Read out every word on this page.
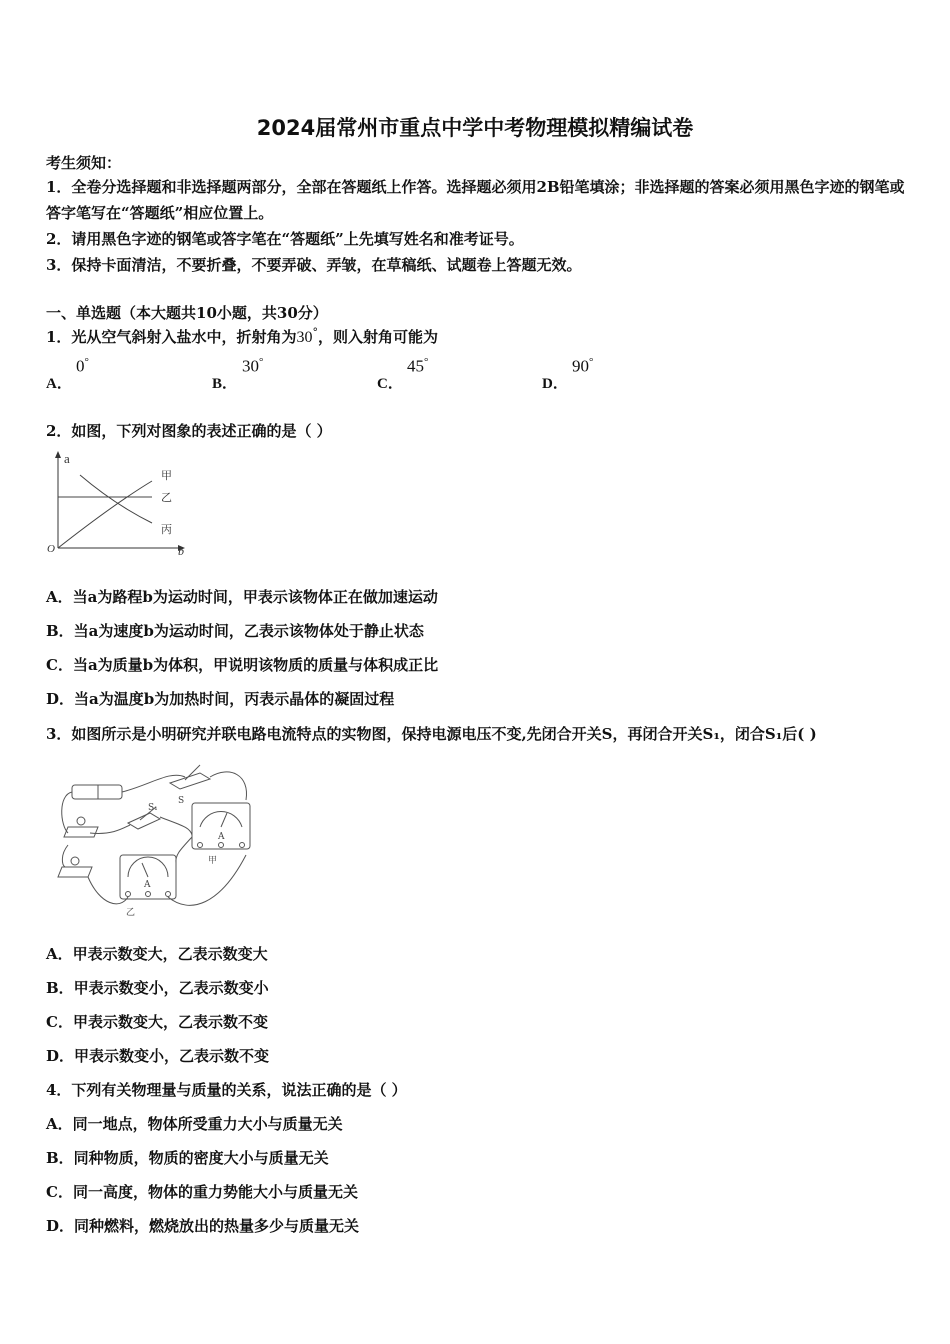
2024届常州市重点中学中考物理模拟精编试卷
考生须知：
1．全卷分选择题和非选择题两部分，全部在答题纸上作答。选择题必须用2B铅笔填涂；非选择题的答案必须用黑色字迹的钢笔或答字笔写在“答题纸”相应位置上。
2．请用黑色字迹的钢笔或答字笔在“答题纸”上先填写姓名和准考证号。
3．保持卡面清洁，不要折叠，不要弄破、弄皱，在草稿纸、试题卷上答题无效。
一、单选题（本大题共10小题，共30分）
1．光从空气斜射入盐水中，折射角为30°，则入射角可能为
A．
0°
B．
30°
C．
45°
D．
90°
2．如图，下列对图象的表述正确的是（ ）
a
b
O
甲
乙
丙
A．当a为路程b为运动时间，甲表示该物体正在做加速运动
B．当a为速度b为运动时间，乙表示该物体处于静止状态
C．当a为质量b为体积，甲说明该物质的质量与体积成正比
D．当a为温度b为加热时间，丙表示晶体的凝固过程
3．如图所示是小明研究并联电路电流特点的实物图，保持电源电压不变,先闭合开关S，再闭合开关S₁，闭合S₁后( )
S₁
S
A
A
甲
乙
A．甲表示数变大，乙表示数变大
B．甲表示数变小，乙表示数变小
C．甲表示数变大，乙表示数不变
D．甲表示数变小，乙表示数不变
4．下列有关物理量与质量的关系，说法正确的是（ ）
A．同一地点，物体所受重力大小与质量无关
B．同种物质，物质的密度大小与质量无关
C．同一高度，物体的重力势能大小与质量无关
D．同种燃料，燃烧放出的热量多少与质量无关
